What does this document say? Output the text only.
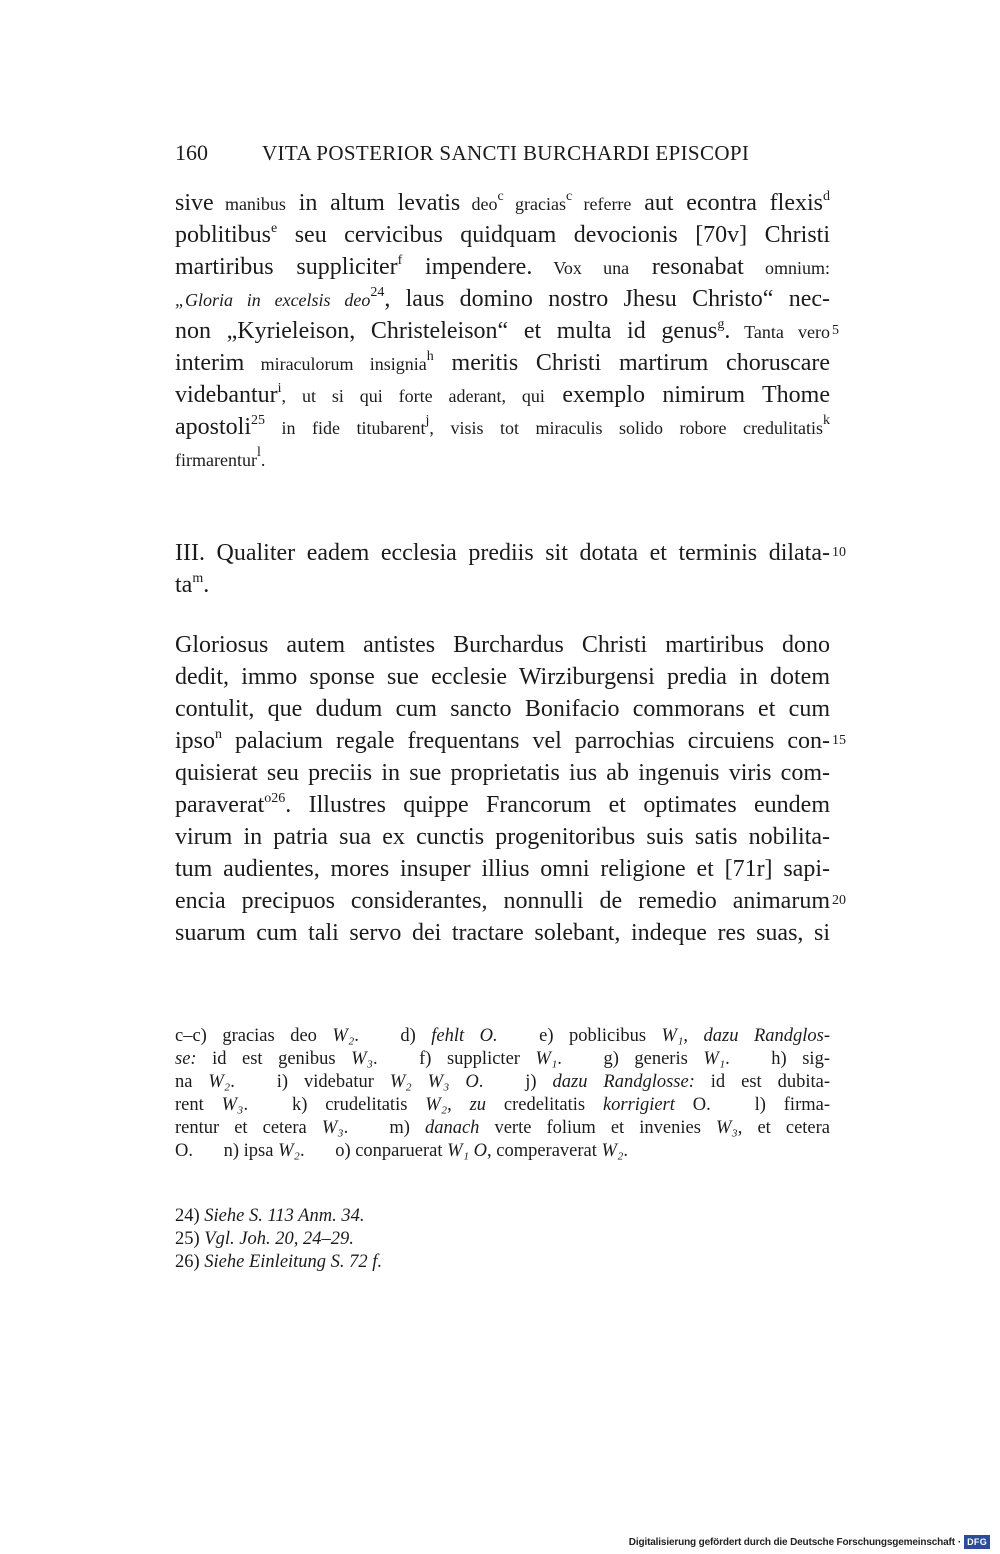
160	VITA POSTERIOR SANCTI BURCHARDI EPISCOPI
sive manibus in altum levatis deo$^c$ gracias$^c$ referre aut econtra flexis$^d$
poblitibus$^e$ seu cervicibus quidquam devocionis [70v] Christi
martiribus suppliciter$^f$ impendere. Vox una resonabat omnium:
„Gloria in excelsis deo$^{24}$, laus domino nostro Jhesu Christo“ nec-
non „Kyrieleison, Christeleison“ et multa id genus$^g$. Tanta vero 5
interim miraculorum insignia$^h$ meritis Christi martirum choruscare
videbantur$^i$, ut si qui forte aderant, qui exemplo nimirum Thome
apostoli$^{25}$ in fide titubarent$^j$, visis tot miraculis solido robore credulitatis$^k$
firmarentur$^l$.
III. Qualiter eadem ecclesia prediis sit dotata et terminis dilata- 10
$ta^m$.
Gloriosus autem antistes Burchardus Christi martiribus dono
dedit, immo sponse sue ecclesie Wirziburgensi predia in dotem
contulit, que dudum cum sancto Bonifacio commorans et cum
ipso$^n$ palacium regale frequentans vel parrochias circuiens con- 15
quisierat seu preciis in sue proprietatis ius ab ingenuis viris com-
paraverat$^{o26}$. Illustres quippe Francorum et optimates eundem
virum in patria sua ex cunctis progenitoribus suis satis nobilita-
tum audientes, mores insuper illius omni religione et [71r] sapi-
encia precipuos considerantes, nonnulli de remedio animarum 20
suarum cum tali servo dei tractare solebant, indeque res suas, si
c–c) gracias deo W₂. d) fehlt O. e) poblicibus W₁, dazu Randglos-
se: id est genibus W₃. f) supplicter W₁. g) generis W₁. h) sig-
na W₂. i) videbatur W₂ W₃ O. j) dazu Randglosse: id est dubita-
rent W₃. k) crudelitatis W₂, zu credelitatis korrigiert O. l) firma-
rentur et cetera W₃. m) danach verte folium et invenies W₃, et cetera
O. n) ipsa W₂. o) conparuerat W₁ O, comperaverat W₂.
24) Siehe S. 113 Anm. 34.
25) Vgl. Joh. 20, 24–29.
26) Siehe Einleitung S. 72 f.
Digitalisierung gefördert durch die Deutsche Forschungsgemeinschaft · DFG
